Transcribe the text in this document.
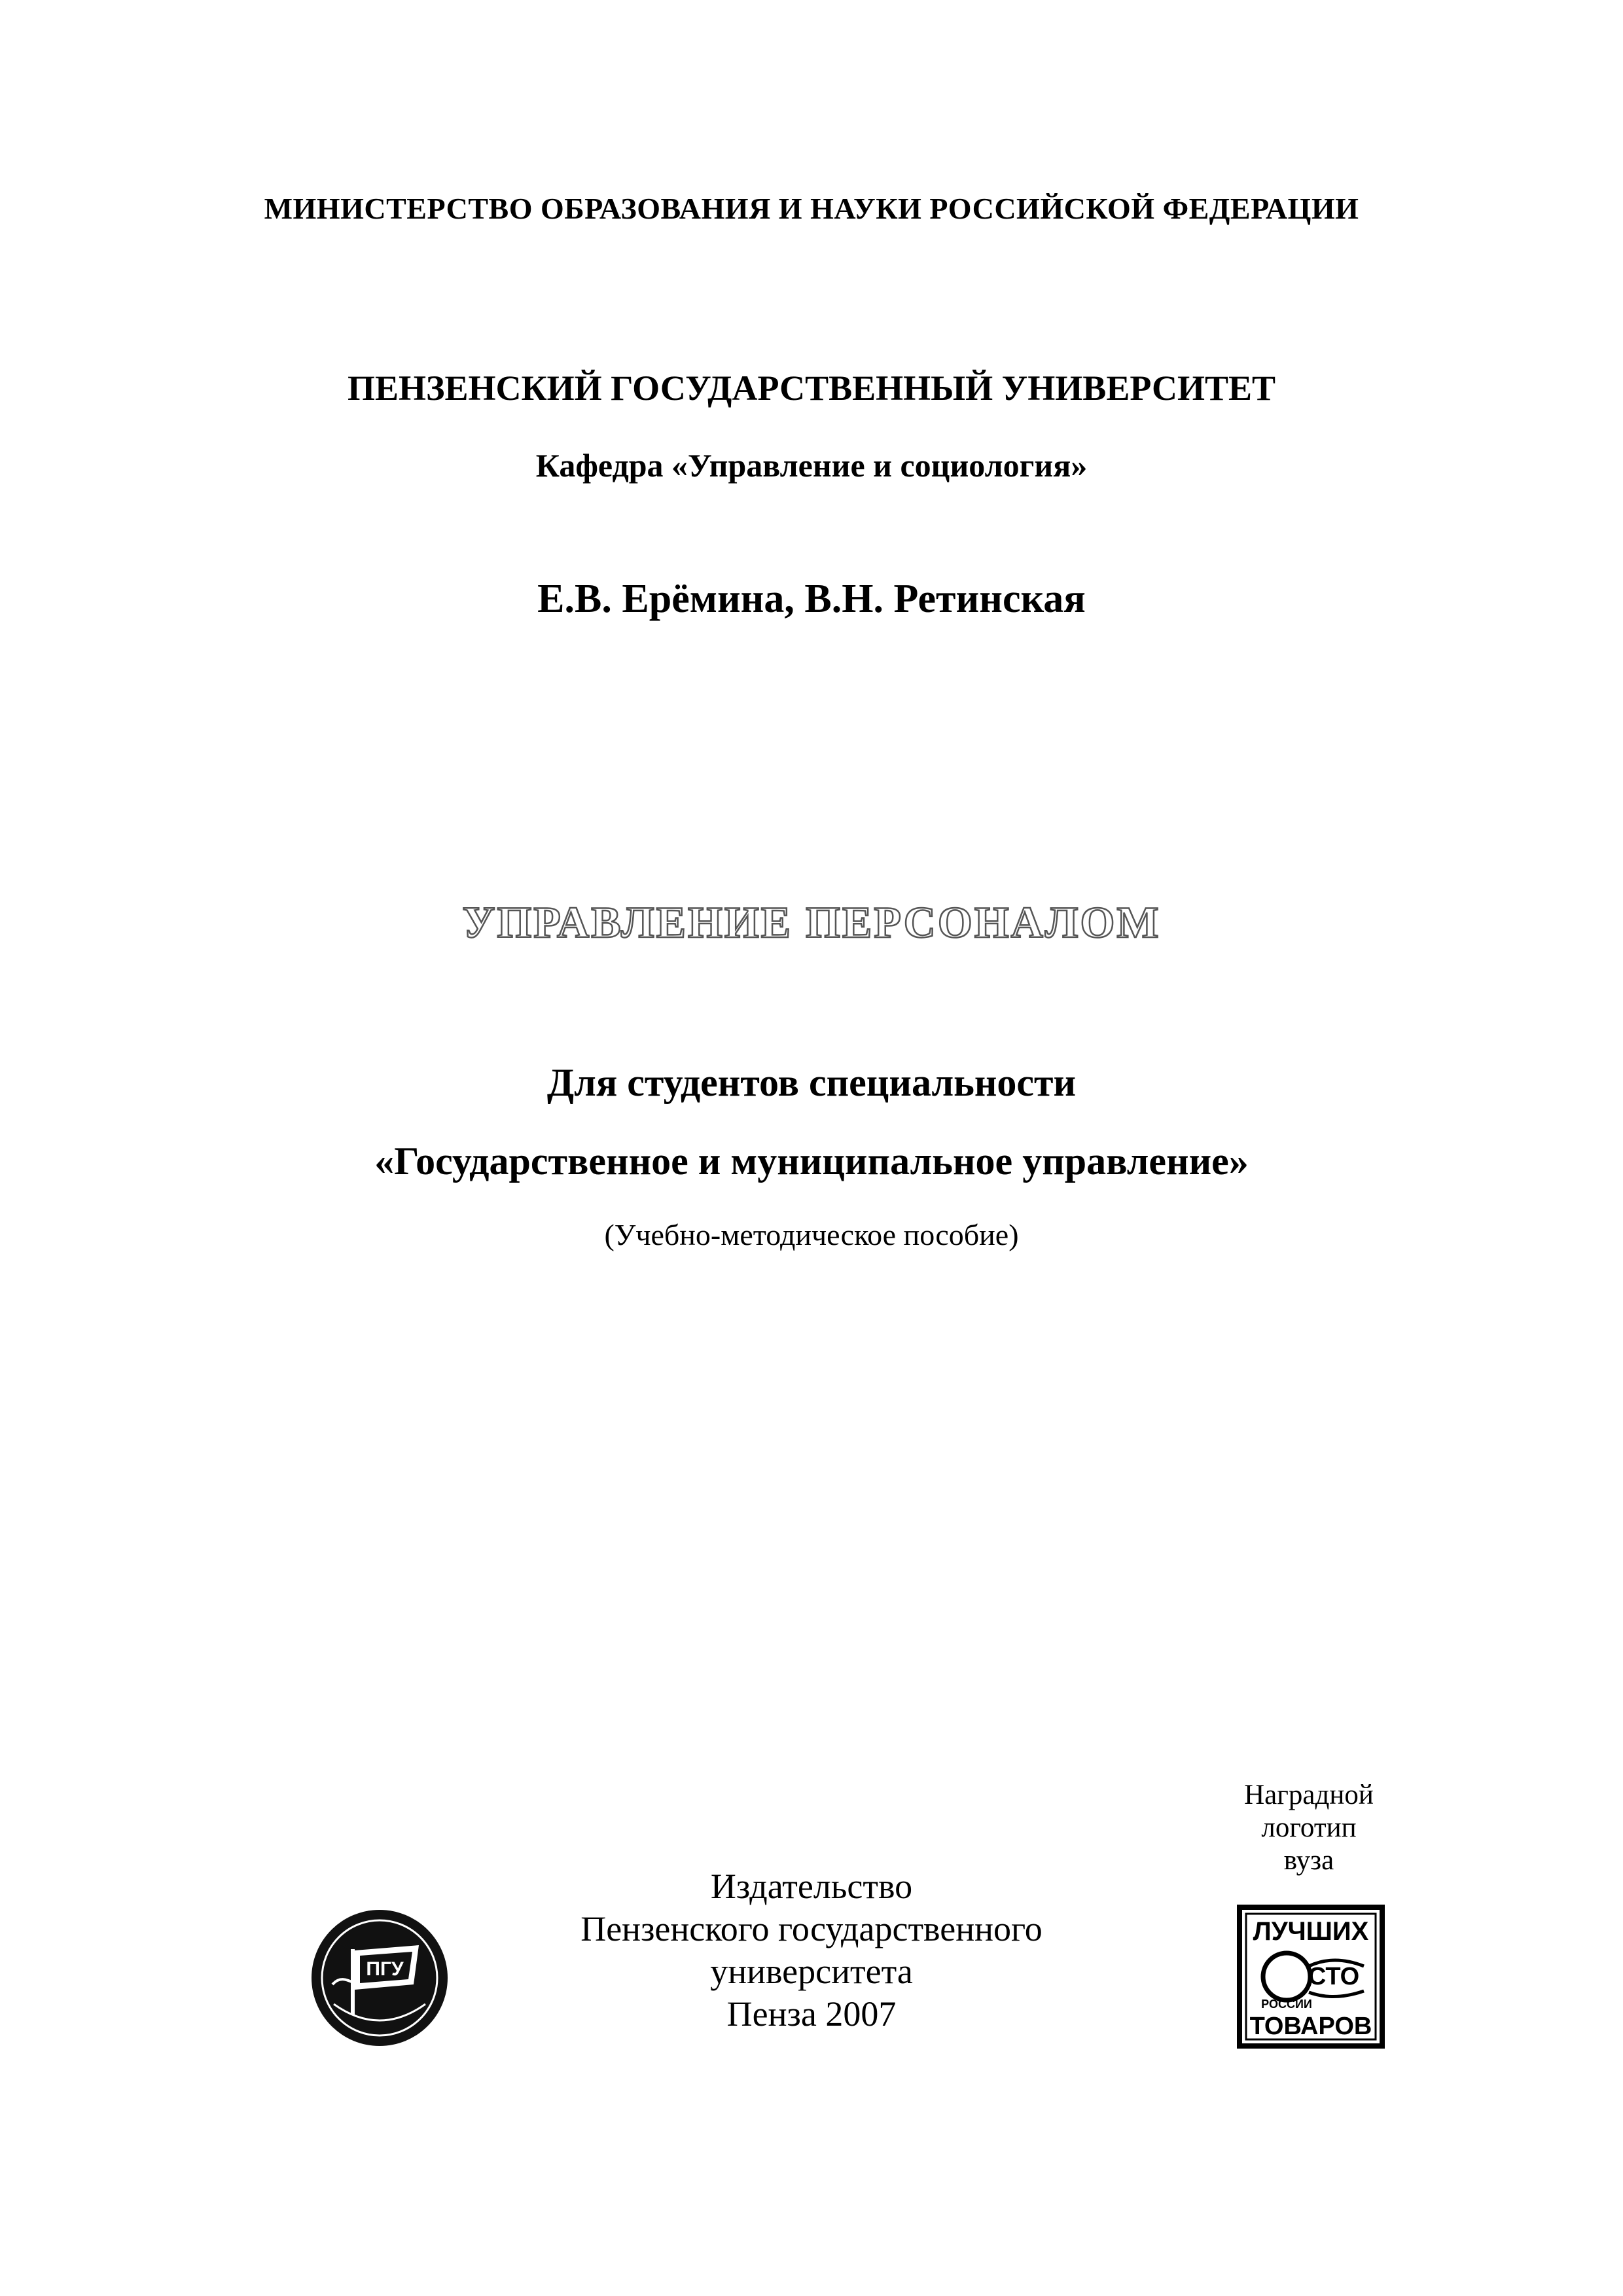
МИНИСТЕРСТВО ОБРАЗОВАНИЯ И НАУКИ РОССИЙСКОЙ ФЕДЕРАЦИИ
ПЕНЗЕНСКИЙ ГОСУДАРСТВЕННЫЙ УНИВЕРСИТЕТ
Кафедра «Управление и социология»
Е.В. Ерёмина, В.Н. Ретинская
УПРАВЛЕНИЕ ПЕРСОНАЛОМ
Для студентов специальности
«Государственное и муниципальное управление»
(Учебно-методическое пособие)
Наградной
логотип
вуза
Издательство
Пензенского государственного
университета
Пенза 2007
ПГУ
ЛУЧШИХ
СТО
РОССИИ
ТОВАРОВ
